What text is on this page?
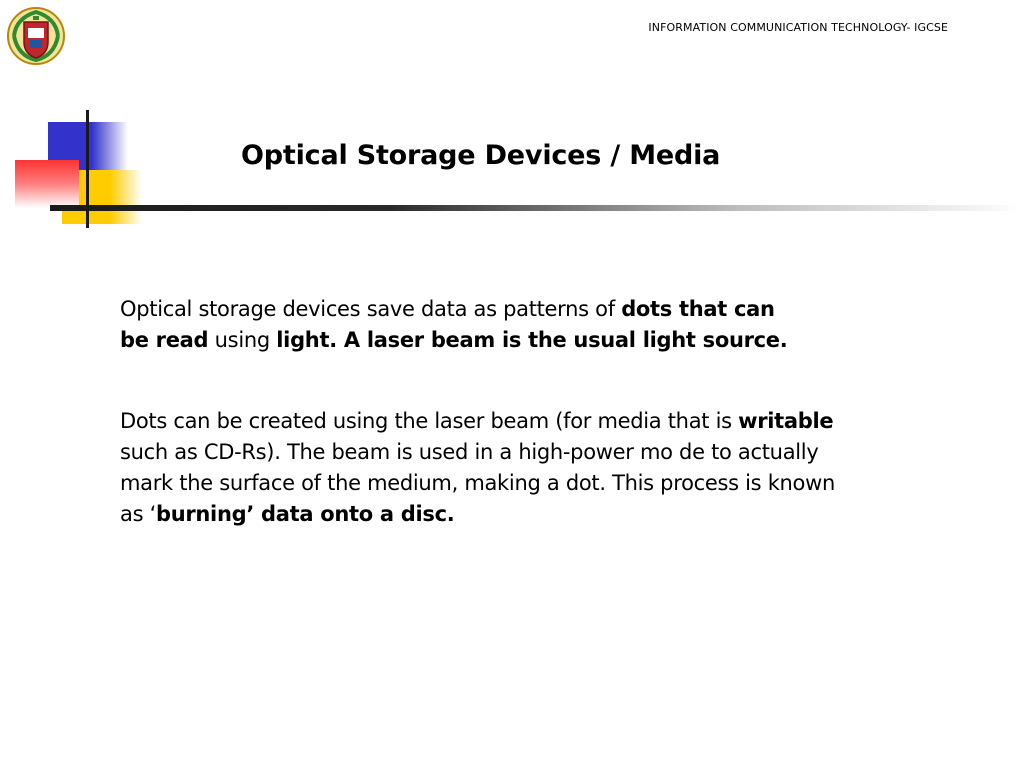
INFORMATION COMMUNICATION TECHNOLOGY- IGCSE
Optical Storage Devices / Media

Optical storage devices save data as patterns of dots that can
be read using light. A laser beam is the usual light source.

Dots can be created using the laser beam (for media that is writable
such as CD-Rs). The beam is used in a high-power mo de to actually
mark the surface of the medium, making a dot. This process is known
as ‘burning’ data onto a disc.
